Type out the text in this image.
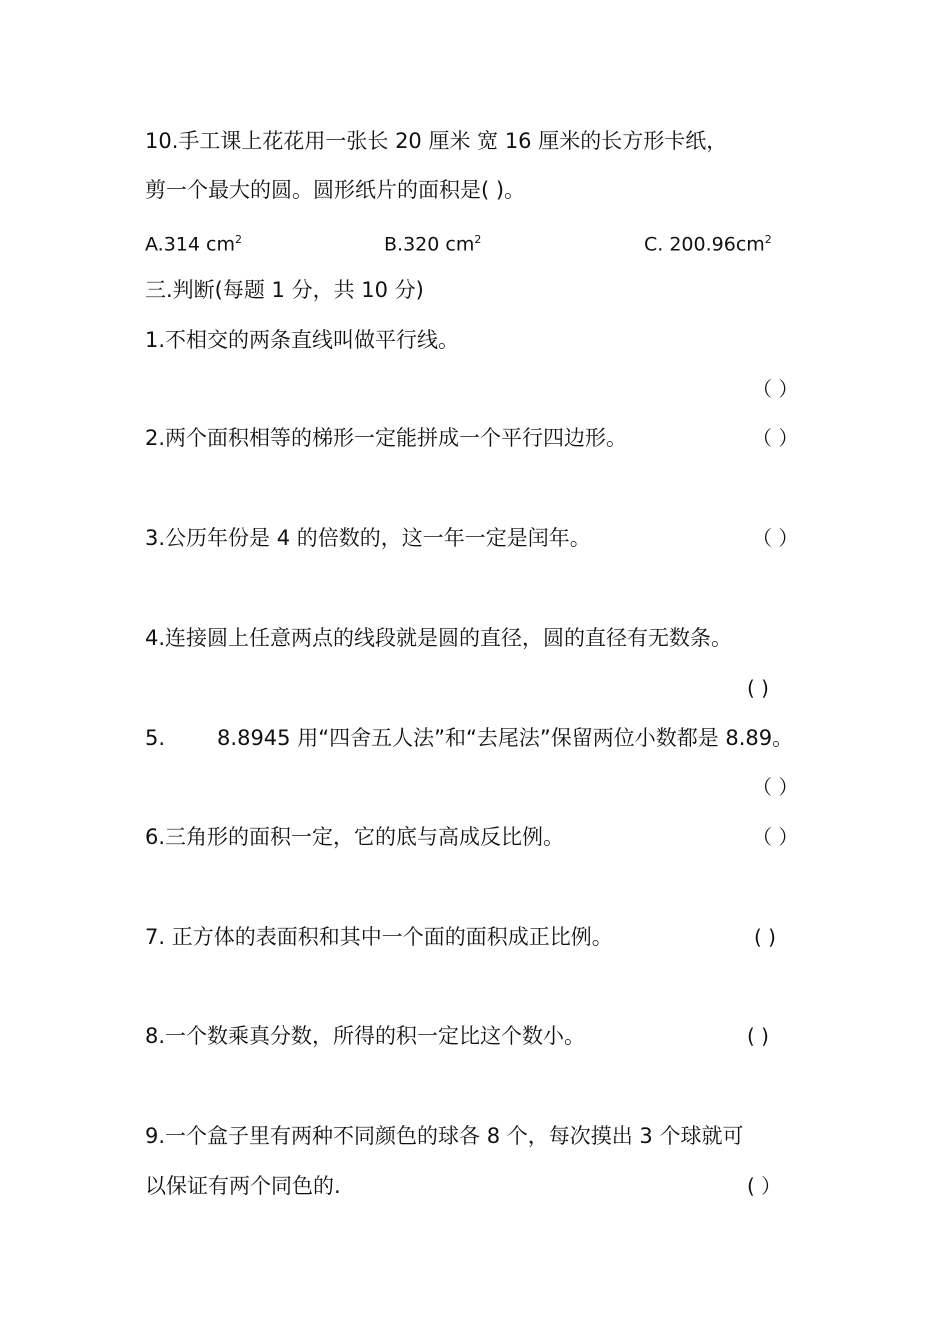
10.手工课上花花用一张长 20 厘米 宽 16 厘米的长方形卡纸，
剪一个最大的圆。圆形纸片的面积是( )。
A.314 $cm^2$	B.320 $cm^2$	C. $200.96cm^2$
三.判断(每题 1 分，共 10 分)
1.不相交的两条直线叫做平行线。
（ ）
2.两个面积相等的梯形一定能拼成一个平行四边形。	（ ）
3.公历年份是 4 的倍数的，这一年一定是闰年。	（ ）
4.连接圆上任意两点的线段就是圆的直径，圆的直径有无数条。
( )
5. 8.8945 用“四舍五人法”和“去尾法”保留两位小数都是 8.89。
（ ）
6.三角形的面积一定，它的底与高成反比例。	（ ）
7. 正方体的表面积和其中一个面的面积成正比例。	( )
8.一个数乘真分数，所得的积一定比这个数小。	( )
9.一个盒子里有两种不同颜色的球各 8 个，每次摸出 3 个球就可
以保证有两个同色的.	( ）
